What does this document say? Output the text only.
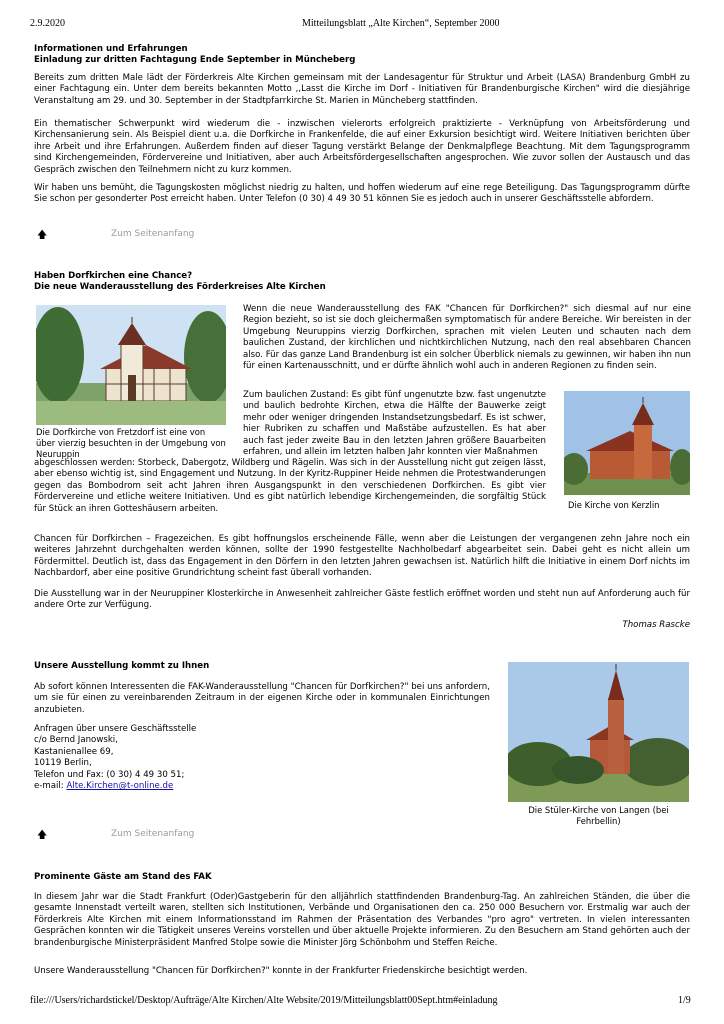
2.9.2020	Mitteilungsblatt „Alte Kirchen“, September 2000
Informationen und Erfahrungen
Einladung zur dritten Fachtagung Ende September in Müncheberg
Bereits zum dritten Male lädt der Förderkreis Alte Kirchen gemeinsam mit der Landesagentur für Struktur und Arbeit (LASA) Brandenburg GmbH zu einer Fachtagung ein. Unter dem bereits bekannten Motto ,,Lasst die Kirche im Dorf - Initiativen für Brandenburgische Kirchen" wird die diesjährige Veranstaltung am 29. und 30. September in der Stadtpfarrkirche St. Marien in Müncheberg stattfinden.
Ein thematischer Schwerpunkt wird wiederum die - inzwischen vielerorts erfolgreich praktizierte - Verknüpfung von Arbeitsförderung und Kirchensanierung sein. Als Beispiel dient u.a. die Dorfkirche in Frankenfelde, die auf einer Exkursion besichtigt wird. Weitere Initiativen berichten über ihre Arbeit und ihre Erfahrungen. Außerdem finden auf dieser Tagung verstärkt Belange der Denkmalpflege Beachtung. Mit dem Tagungsprogramm sind Kirchengemeinden, Fördervereine und Initiativen, aber auch Arbeitsfördergesellschaften angesprochen. Wie zuvor sollen der Austausch und das Gespräch zwischen den Teilnehmern nicht zu kurz kommen.
Wir haben uns bemüht, die Tagungskosten möglichst niedrig zu halten, und hoffen wiederum auf eine rege Beteiligung. Das Tagungsprogramm dürfte Sie schon per gesonderter Post erreicht haben. Unter Telefon (0 30) 4 49 30 51 können Sie es jedoch auch in unserer Geschäftsstelle abfordern.
🡅	Zum Seitenanfang
Haben Dorfkirchen eine Chance?
Die neue Wanderausstellung des Förderkreises Alte Kirchen
Die Dorfkirche von Fretzdorf ist eine von über vierzig besuchten in der Umgebung von Neuruppin
Wenn die neue Wanderausstellung des FAK "Chancen für Dorfkirchen?" sich diesmal auf nur eine Region bezieht, so ist sie doch gleichermaßen symptomatisch für andere Bereiche. Wir bereisten in der Umgebung Neuruppins vierzig Dorfkirchen, sprachen mit vielen Leuten und schauten nach dem baulichen Zustand, der kirchlichen und nichtkirchlichen Nutzung, nach den real absehbaren Chancen also. Für das ganze Land Brandenburg ist ein solcher Überblick niemals zu gewinnen, wir haben ihn nun für einen Kartenausschnitt, und er dürfte ähnlich wohl auch in anderen Regionen zu finden sein.
Zum baulichen Zustand: Es gibt fünf ungenutzte bzw. fast ungenutzte und baulich bedrohte Kirchen, etwa die Hälfte der Bauwerke zeigt mehr oder weniger dringenden Instandsetzungsbedarf. Es ist schwer, hier Rubriken zu schaffen und Maßstäbe aufzustellen. Es hat aber auch fast jeder zweite Bau in den letzten Jahren größere Bauarbeiten erfahren, und allein im letzten halben Jahr konnten vier Maßnahmen
abgeschlossen werden: Storbeck, Dabergotz, Wildberg und Rägelin. Was sich in der Ausstellung nicht gut zeigen lässt, aber ebenso wichtig ist, sind Engagement und Nutzung. In der Kyritz-Ruppiner Heide nehmen die Protestwanderungen gegen das Bombodrom seit acht Jahren ihren Ausgangspunkt in den verschiedenen Dorfkirchen. Es gibt vier Fördervereine und etliche weitere Initiativen. Und es gibt natürlich lebendige Kirchengemeinden, die sorgfältig Stück für Stück an ihren Gotteshäusern arbeiten.	Die Kirche von Kerzlin
Chancen für Dorfkirchen – Fragezeichen. Es gibt hoffnungslos erscheinende Fälle, wenn aber die Leistungen der vergangenen zehn Jahre noch ein weiteres Jahrzehnt durchgehalten werden können, sollte der 1990 festgestellte Nachholbedarf abgearbeitet sein. Dabei geht es nicht allein um Fördermittel. Deutlich ist, dass das Engagement in den Dörfern in den letzten Jahren gewachsen ist. Natürlich hilft die Initiative in einem Dorf nichts im Nachbardorf, aber eine positive Grundrichtung scheint fast überall vorhanden.
Die Ausstellung war in der Neuruppiner Klosterkirche in Anwesenheit zahlreicher Gäste festlich eröffnet worden und steht nun auf Anforderung auch für andere Orte zur Verfügung.
Thomas Rascke
Unsere Ausstellung kommt zu Ihnen
Ab sofort können Interessenten die FAK-Wanderausstellung "Chancen für Dorfkirchen?" bei uns anfordern, um sie für einen zu vereinbarenden Zeitraum in der eigenen Kirche oder in kommunalen Einrichtungen anzubieten.
Anfragen über unsere Geschäftsstelle
c/o Bernd Janowski,
Kastanienallee 69,
10119 Berlin,
Telefon und Fax: (0 30) 4 49 30 51;
e-mail: Alte.Kirchen@t-online.de
Die Stüler-Kirche von Langen (bei Fehrbellin)
🡅	Zum Seitenanfang
Prominente Gäste am Stand des FAK
In diesem Jahr war die Stadt Frankfurt (Oder)Gastgeberin für den alljährlich stattfindenden Brandenburg-Tag. An zahlreichen Ständen, die über die gesamte Innenstadt verteilt waren, stellten sich Institutionen, Verbände und Organisationen den ca. 250 000 Besuchern vor. Erstmalig war auch der Förderkreis Alte Kirchen mit einem Informationsstand im Rahmen der Präsentation des Verbandes "pro agro" vertreten. In vielen interessanten Gesprächen konnten wir die Tätigkeit unseres Vereins vorstellen und über aktuelle Projekte informieren. Zu den Besuchern am Stand gehörten auch der brandenburgische Ministerpräsident Manfred Stolpe sowie die Minister Jörg Schönbohm und Steffen Reiche.
Unsere Wanderausstellung "Chancen für Dorfkirchen?" konnte in der Frankfurter Friedenskirche besichtigt werden.
file:///Users/richardstickel/Desktop/Aufträge/Alte Kirchen/Alte Website/2019/Mitteilungsblatt00Sept.htm#einladung	1/9
